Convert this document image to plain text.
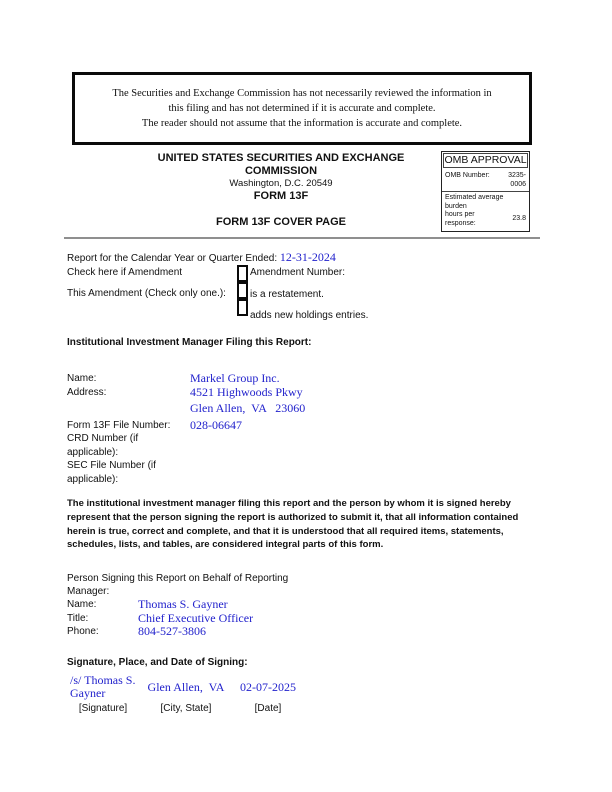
The Securities and Exchange Commission has not necessarily reviewed the information in
this filing and has not determined if it is accurate and complete.
The reader should not assume that the information is accurate and complete.
UNITED STATES SECURITIES AND EXCHANGE COMMISSION
Washington, D.C. 20549
FORM 13F
FORM 13F COVER PAGE
OMB APPROVAL
OMB Number:	3235-0006
Estimated average burden
hours per response:
23.8
Report for the Calendar Year or Quarter Ended: 12-31-2024
Check here if Amendment	Amendment Number:
This Amendment (Check only one.): is a restatement.
adds new holdings entries.
Institutional Investment Manager Filing this Report:
Name:	Markel Group Inc.
Address:	4521 Highwoods Pkwy
Glen Allen,  VA   23060
Form 13F File Number:	028-06647
CRD Number (if applicable):
SEC File Number (if applicable):
The institutional investment manager filing this report and the person by whom it is signed hereby represent that the person signing the report is authorized to submit it, that all information contained herein is true, correct and complete, and that it is understood that all required items, statements, schedules, lists, and tables, are considered integral parts of this form.
Person Signing this Report on Behalf of Reporting Manager:
Name:	Thomas S. Gayner
Title:	Chief Executive Officer
Phone:	804-527-3806
Signature, Place, and Date of Signing:
/s/ Thomas S. Gayner
[Signature]
Glen Allen,  VA
[City, State]
02-07-2025
[Date]
